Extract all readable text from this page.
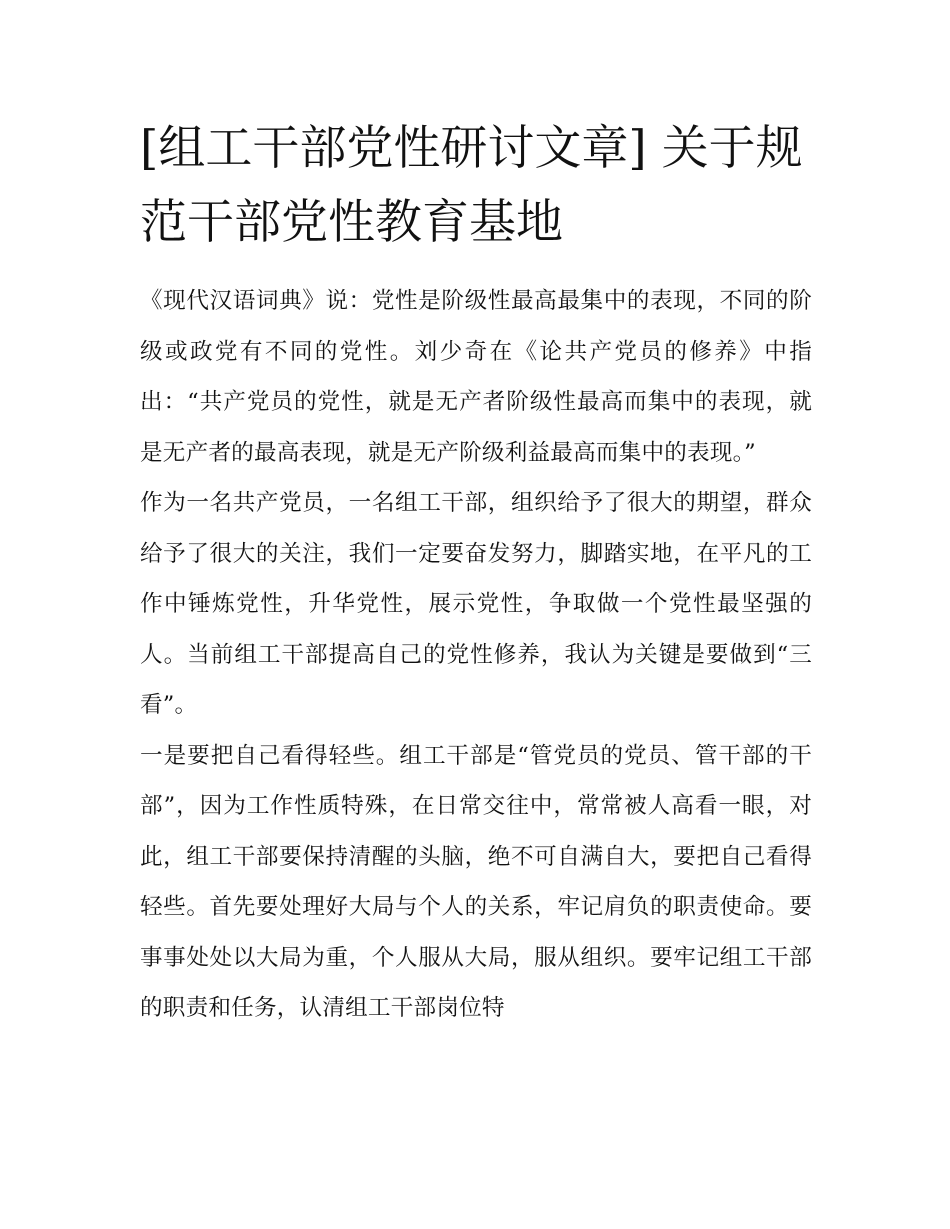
[组工干部党性研讨文章] 关于规范干部党性教育基地

《现代汉语词典》说：党性是阶级性最高最集中的表现，不同的阶级或政党有不同的党性。刘少奇在《论共产党员的修养》中指出：“共产党员的党性，就是无产者阶级性最高而集中的表现，就是无产者的最高表现，就是无产阶级利益最高而集中的表现。”

作为一名共产党员，一名组工干部，组织给予了很大的期望，群众给予了很大的关注，我们一定要奋发努力，脚踏实地，在平凡的工作中锤炼党性，升华党性，展示党性，争取做一个党性最坚强的人。当前组工干部提高自己的党性修养，我认为关键是要做到“三看”。

一是要把自己看得轻些。组工干部是“管党员的党员、管干部的干部”，因为工作性质特殊，在日常交往中，常常被人高看一眼，对此，组工干部要保持清醒的头脑，绝不可自满自大，要把自己看得轻些。首先要处理好大局与个人的关系，牢记肩负的职责使命。要事事处处以大局为重，个人服从大局，服从组织。要牢记组工干部的职责和任务，认清组工干部岗位特
